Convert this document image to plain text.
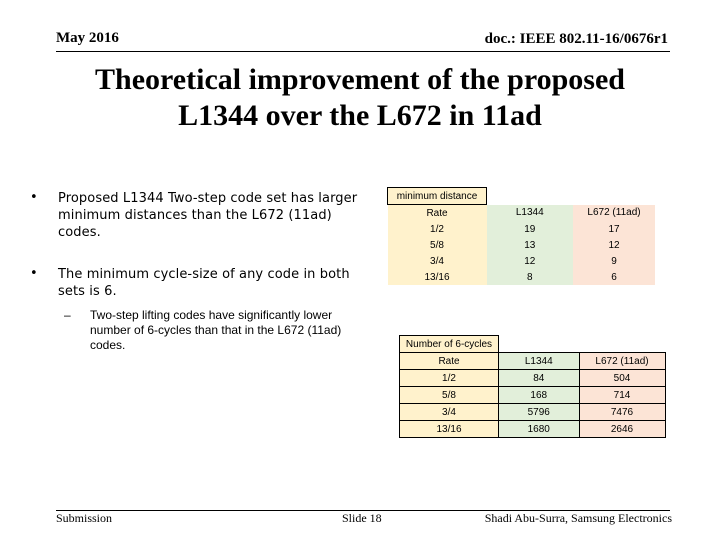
May 2016	doc.: IEEE 802.11-16/0676r1
Theoretical improvement of the proposed
L1344 over the L672 in 11ad
• Proposed L1344 Two-step code set has larger minimum distances than the L672 (11ad) codes.
• The minimum cycle-size of any code in both sets is 6.
– Two-step lifting codes have significantly lower number of 6-cycles than that in the L672 (11ad) codes.
minimum distance		
Rate	L1344	L672 (11ad)
1/2	19	17
5/8	13	12
3/4	12	9
13/16	8	6
Number of 6-cycles		
Rate	L1344	L672 (11ad)
1/2	84	504
5/8	168	714
3/4	5796	7476
13/16	1680	2646
Submission	Slide 18	Shadi Abu-Surra, Samsung Electronics
